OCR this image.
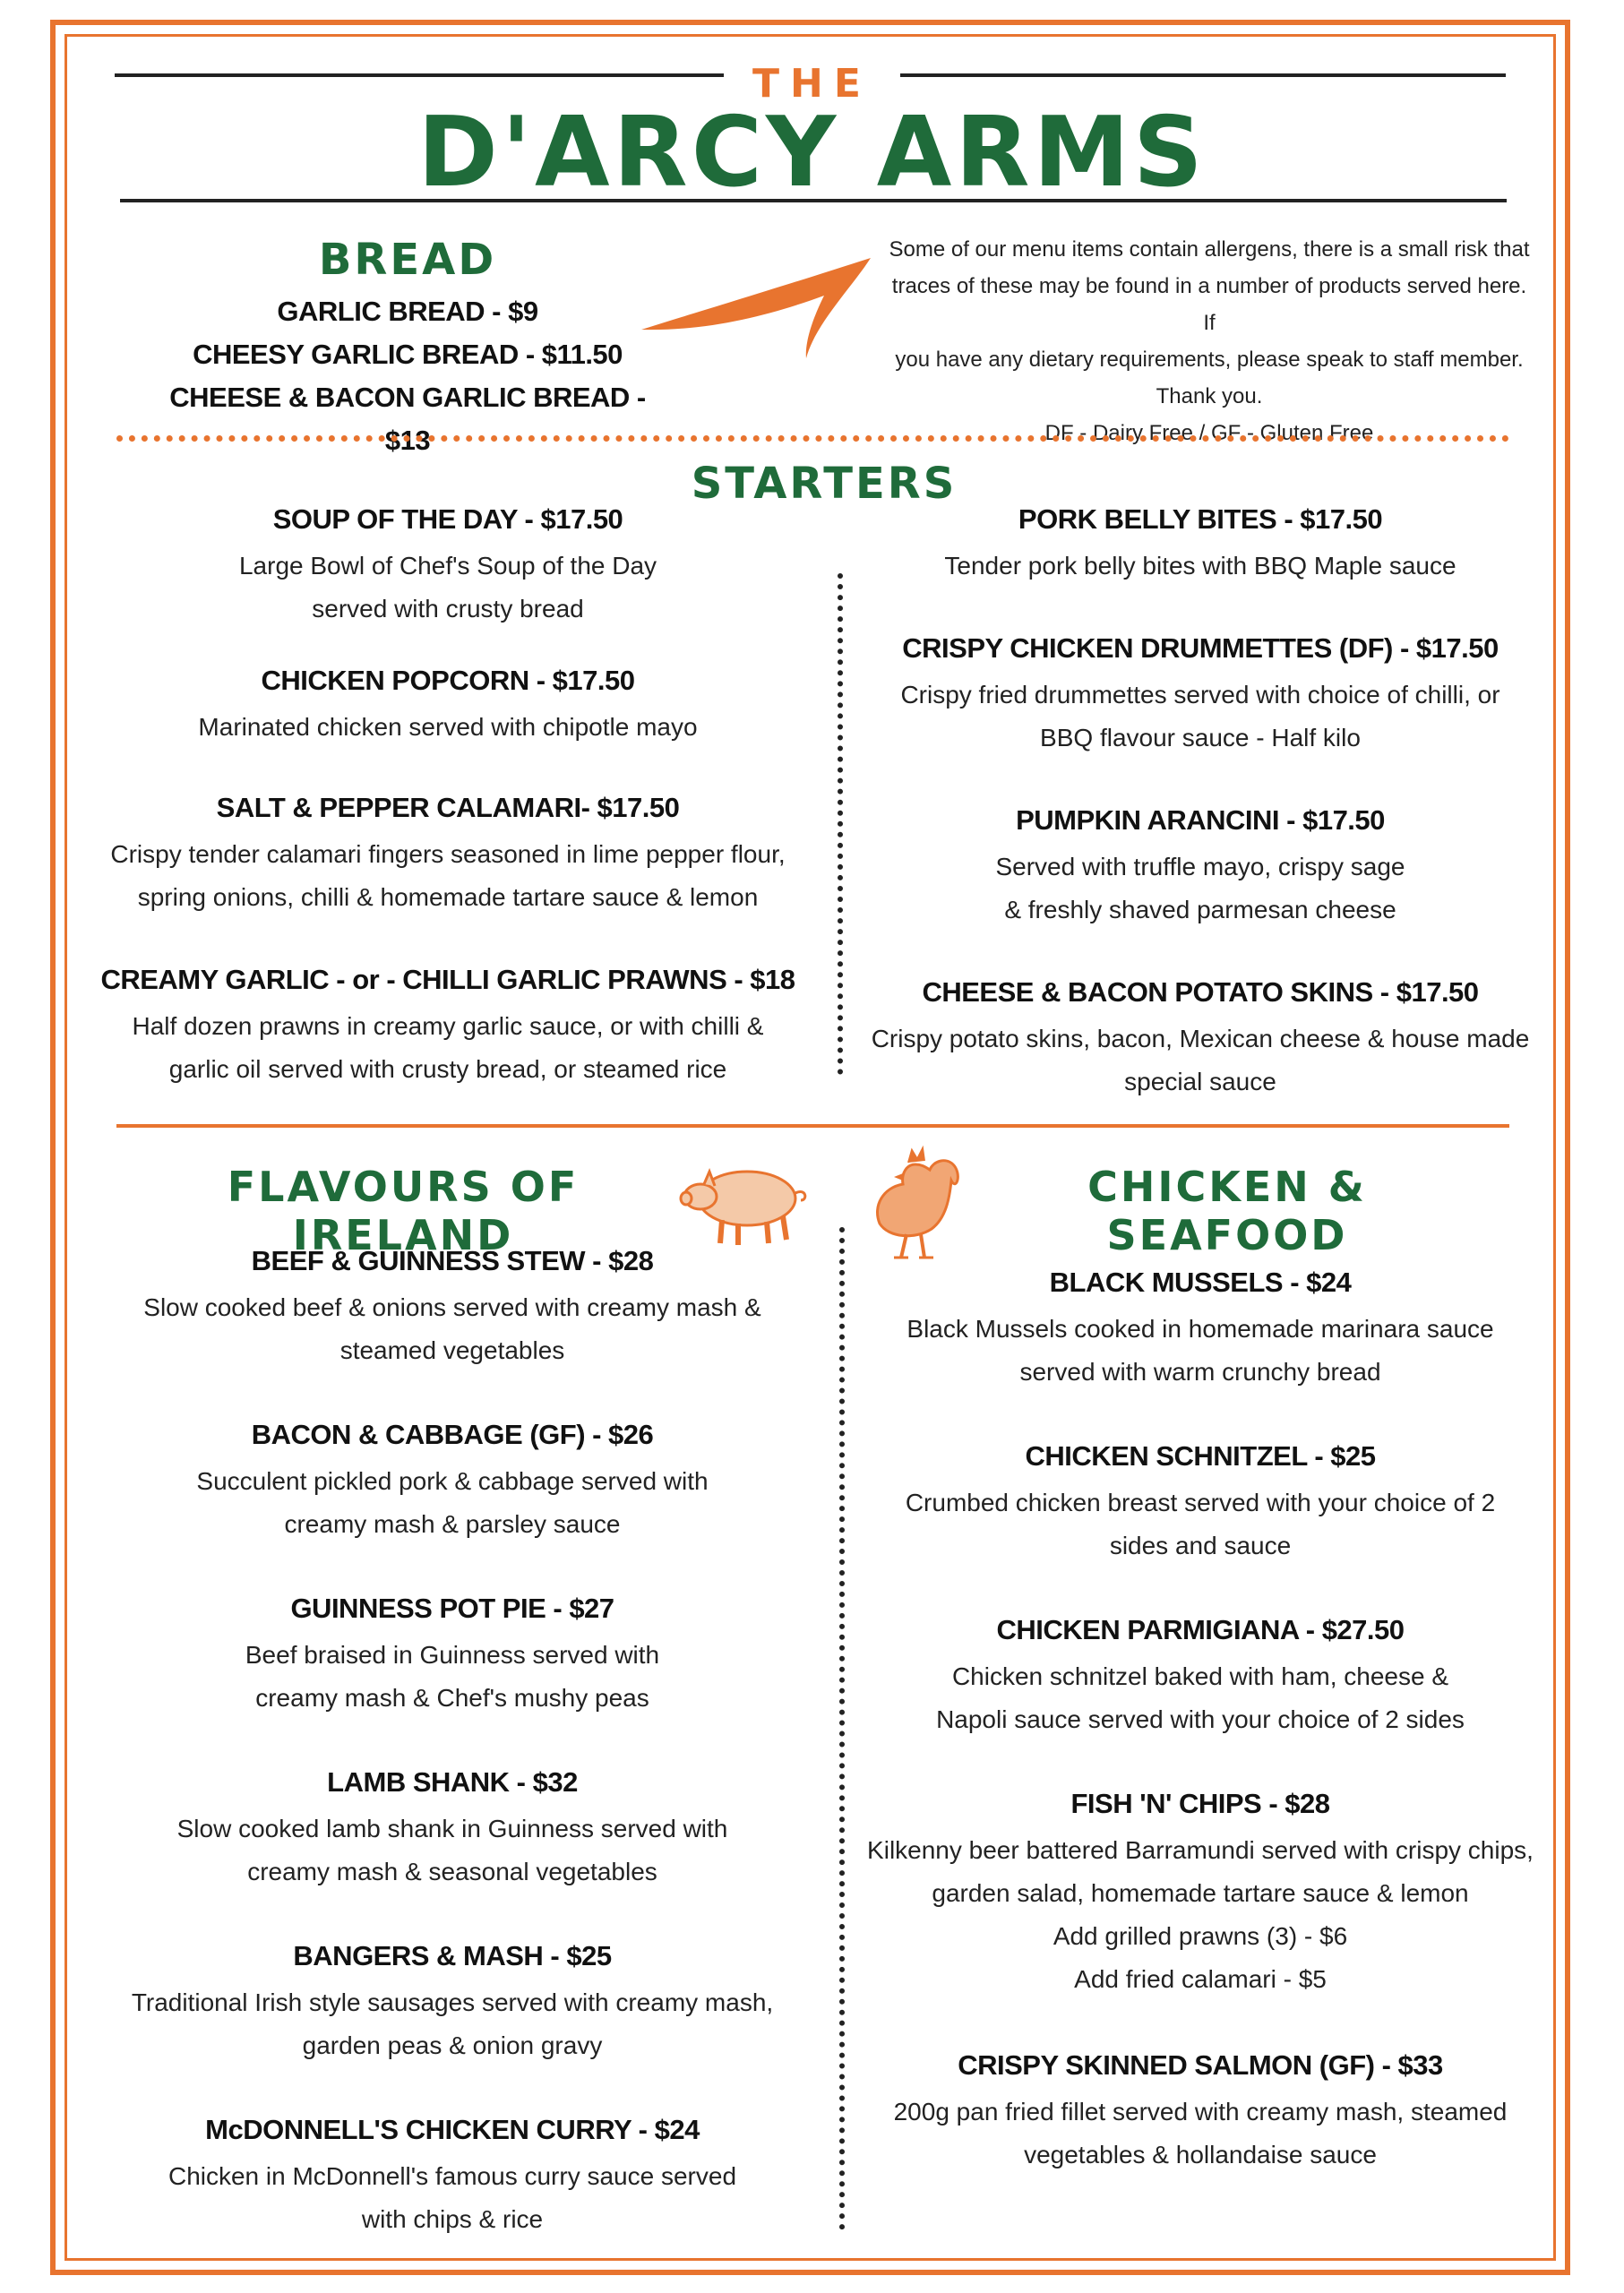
THE
D'ARCY ARMS
BREAD
GARLIC BREAD - $9
CHEESY GARLIC BREAD - $11.50
CHEESE & BACON GARLIC BREAD - $13
Some of our menu items contain allergens, there is a small risk that
traces of these may be found in a number of products served here. If
you have any dietary requirements, please speak to staff member.
Thank you.
DF - Dairy Free / GF - Gluten Free
STARTERS
SOUP OF THE DAY - $17.50
Large Bowl of Chef's Soup of the Day
served with crusty bread
CHICKEN POPCORN - $17.50
Marinated chicken served with chipotle mayo
SALT & PEPPER CALAMARI- $17.50
Crispy tender calamari fingers seasoned in lime pepper flour,
spring onions, chilli & homemade tartare sauce & lemon
CREAMY GARLIC - or - CHILLI GARLIC PRAWNS - $18
Half dozen prawns in creamy garlic sauce, or with chilli &
garlic oil served with crusty bread, or steamed rice
PORK BELLY BITES - $17.50
Tender pork belly bites with BBQ Maple sauce
CRISPY CHICKEN DRUMMETTES (DF) - $17.50
Crispy fried drummettes served with choice of chilli, or
BBQ flavour sauce - Half kilo
PUMPKIN ARANCINI - $17.50
Served with truffle mayo, crispy sage
& freshly shaved parmesan cheese
CHEESE & BACON POTATO SKINS - $17.50
Crispy potato skins, bacon, Mexican cheese & house made
special sauce
FLAVOURS OF IRELAND
BEEF & GUINNESS STEW - $28
Slow cooked beef & onions served with creamy mash &
steamed vegetables
BACON & CABBAGE (GF) - $26
Succulent pickled pork & cabbage served with
creamy mash & parsley sauce
GUINNESS POT PIE - $27
Beef braised in Guinness served with
creamy mash & Chef's mushy peas
LAMB SHANK - $32
Slow cooked lamb shank in Guinness served with
creamy mash & seasonal vegetables
BANGERS & MASH - $25
Traditional Irish style sausages served with creamy mash,
garden peas & onion gravy
McDONNELL'S CHICKEN CURRY - $24
Chicken in McDonnell's famous curry sauce served
with chips & rice
CHICKEN & SEAFOOD
BLACK MUSSELS - $24
Black Mussels cooked in homemade marinara sauce
served with warm crunchy bread
CHICKEN SCHNITZEL - $25
Crumbed chicken breast served with your choice of 2
sides and sauce
CHICKEN PARMIGIANA - $27.50
Chicken schnitzel baked with ham, cheese &
Napoli sauce served with your choice of 2 sides
FISH 'N' CHIPS - $28
Kilkenny beer battered Barramundi served with crispy chips,
garden salad, homemade tartare sauce & lemon
Add grilled prawns (3) - $6
Add fried calamari - $5
CRISPY SKINNED SALMON (GF) - $33
200g pan fried fillet served with creamy mash, steamed
vegetables & hollandaise sauce
